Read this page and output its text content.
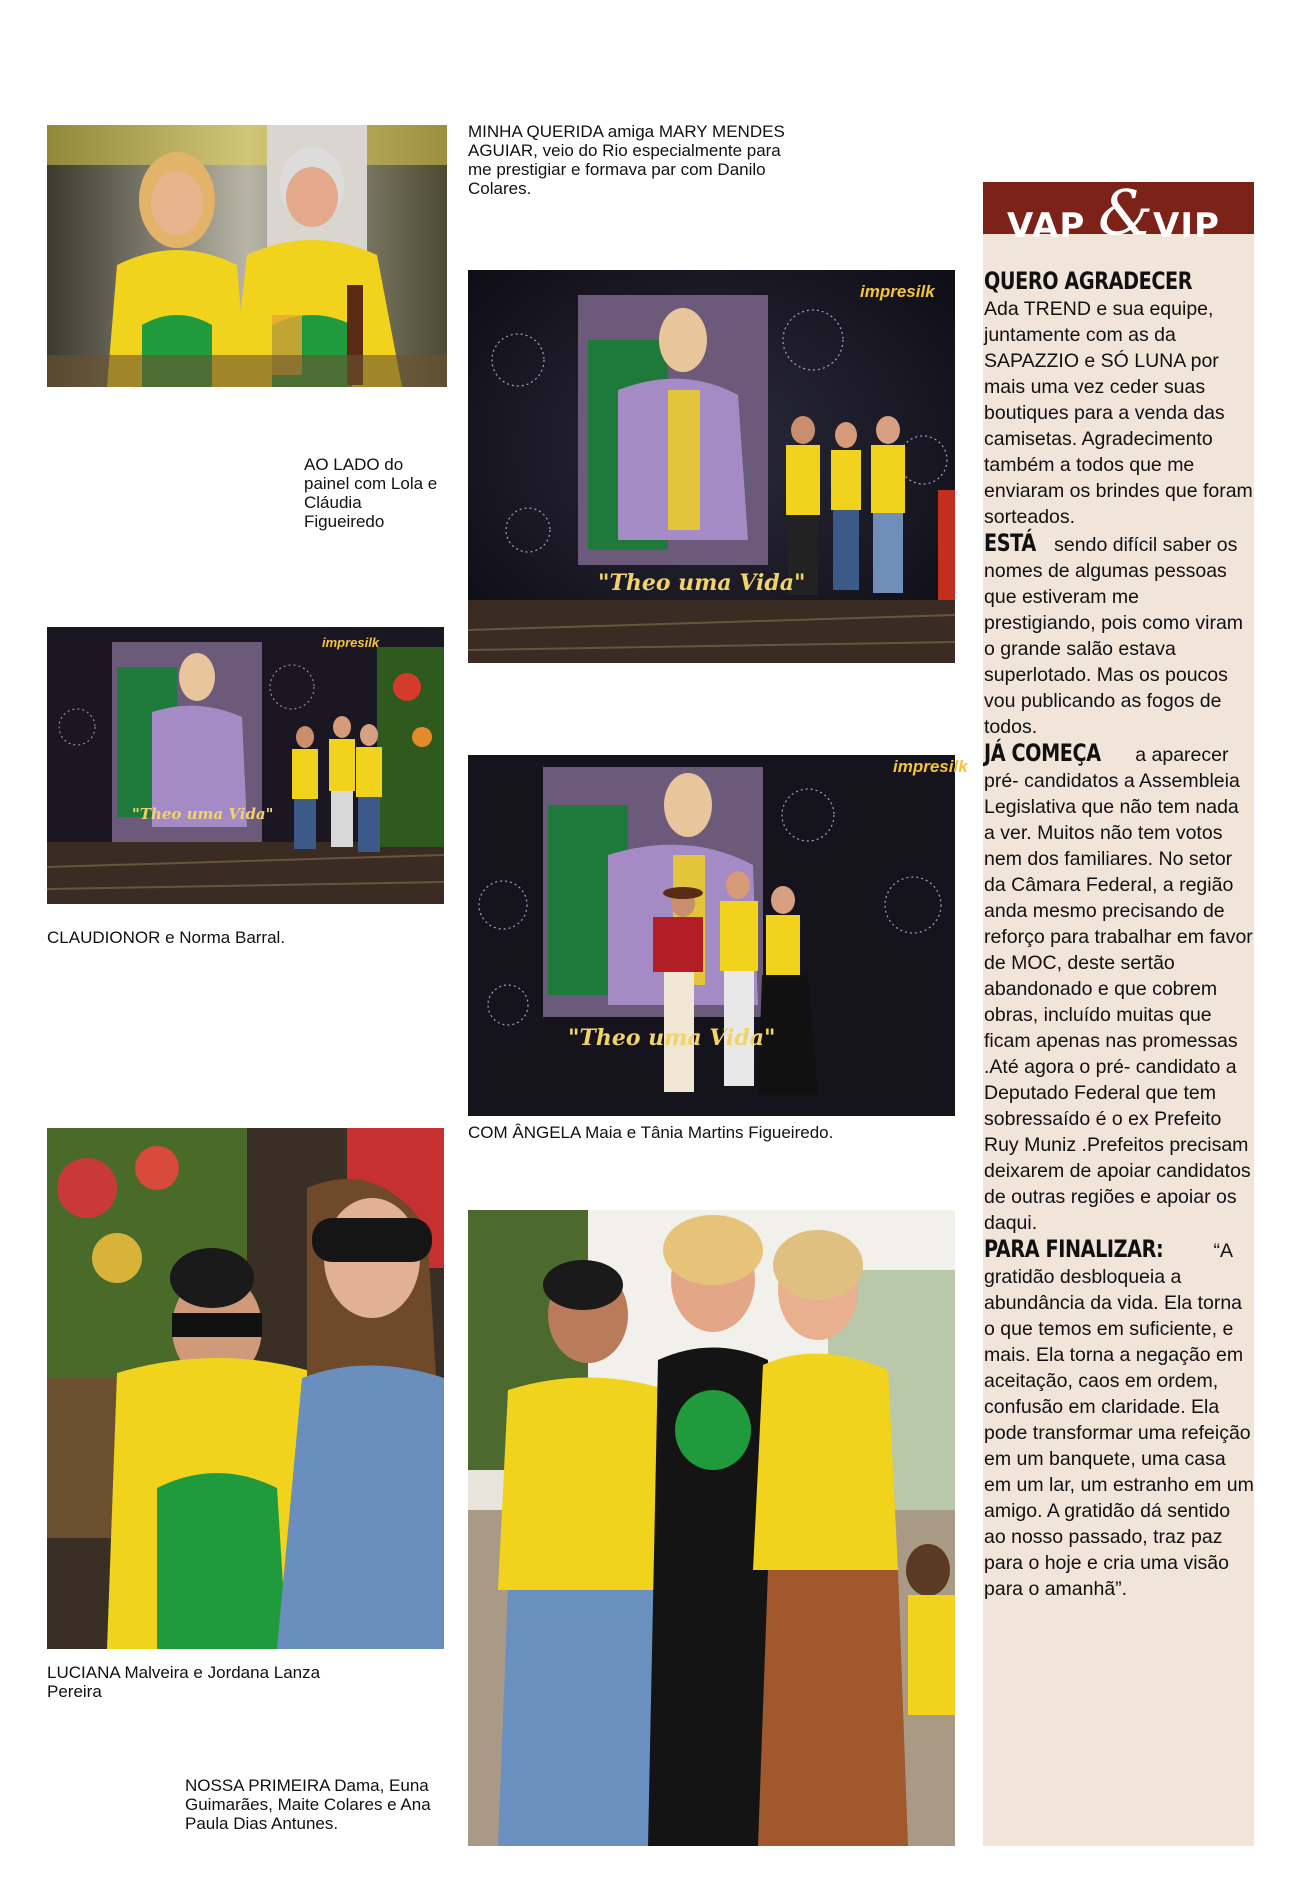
MINHA QUERIDA amiga MARY MENDES AGUIAR, veio do Rio especialmente para me prestigiar e formava par com Danilo Colares.
"Theo uma Vida"
impresilk
AO LADO do painel com Lola e Cláudia Figueiredo
"Theo uma Vida"
impresilk
CLAUDIONOR e Norma Barral.
"Theo uma Vida"
impresilk
COM ÂNGELA Maia e Tânia Martins Figueiredo.
LUCIANA Malveira e Jordana Lanza Pereira
NOSSA PRIMEIRA Dama, Euna Guimarães, Maite Colares e Ana Paula Dias Antunes.
VAP & VIP

QUERO AGRADECER
Ada TREND e sua equipe, juntamente com as da SAPAZZIO e SÓ LUNA por mais uma vez ceder suas boutiques para a venda das camisetas. Agradecimento também a todos que me enviaram os brindes que foram sorteados.

ESTÁ sendo difícil saber os nomes de algumas pessoas que estiveram me prestigiando, pois como viram o grande salão estava superlotado. Mas os poucos vou publicando as fogos de todos.

JÁ COMEÇA a aparecer pré- candidatos a Assembleia Legislativa que não tem nada a ver. Muitos não tem votos nem dos familiares. No setor da Câmara Federal, a região anda mesmo precisando de reforço para trabalhar em favor de MOC, deste sertão abandonado e que cobrem obras, incluído muitas que ficam apenas nas promessas .Até agora o pré- candidato a Deputado Federal que tem sobressaído é o ex Prefeito Ruy Muniz .Prefeitos precisam deixarem de apoiar candidatos de outras regiões e apoiar os daqui.

PARA FINALIZAR: “A gratidão desbloqueia a abundância da vida. Ela torna o que temos em suficiente, e mais. Ela torna a negação em aceitação, caos em ordem, confusão em claridade. Ela pode transformar uma refeição em um banquete, uma casa em um lar, um estranho em um amigo. A gratidão dá sentido ao nosso passado, traz paz para o hoje e cria uma visão para o amanhã”.
